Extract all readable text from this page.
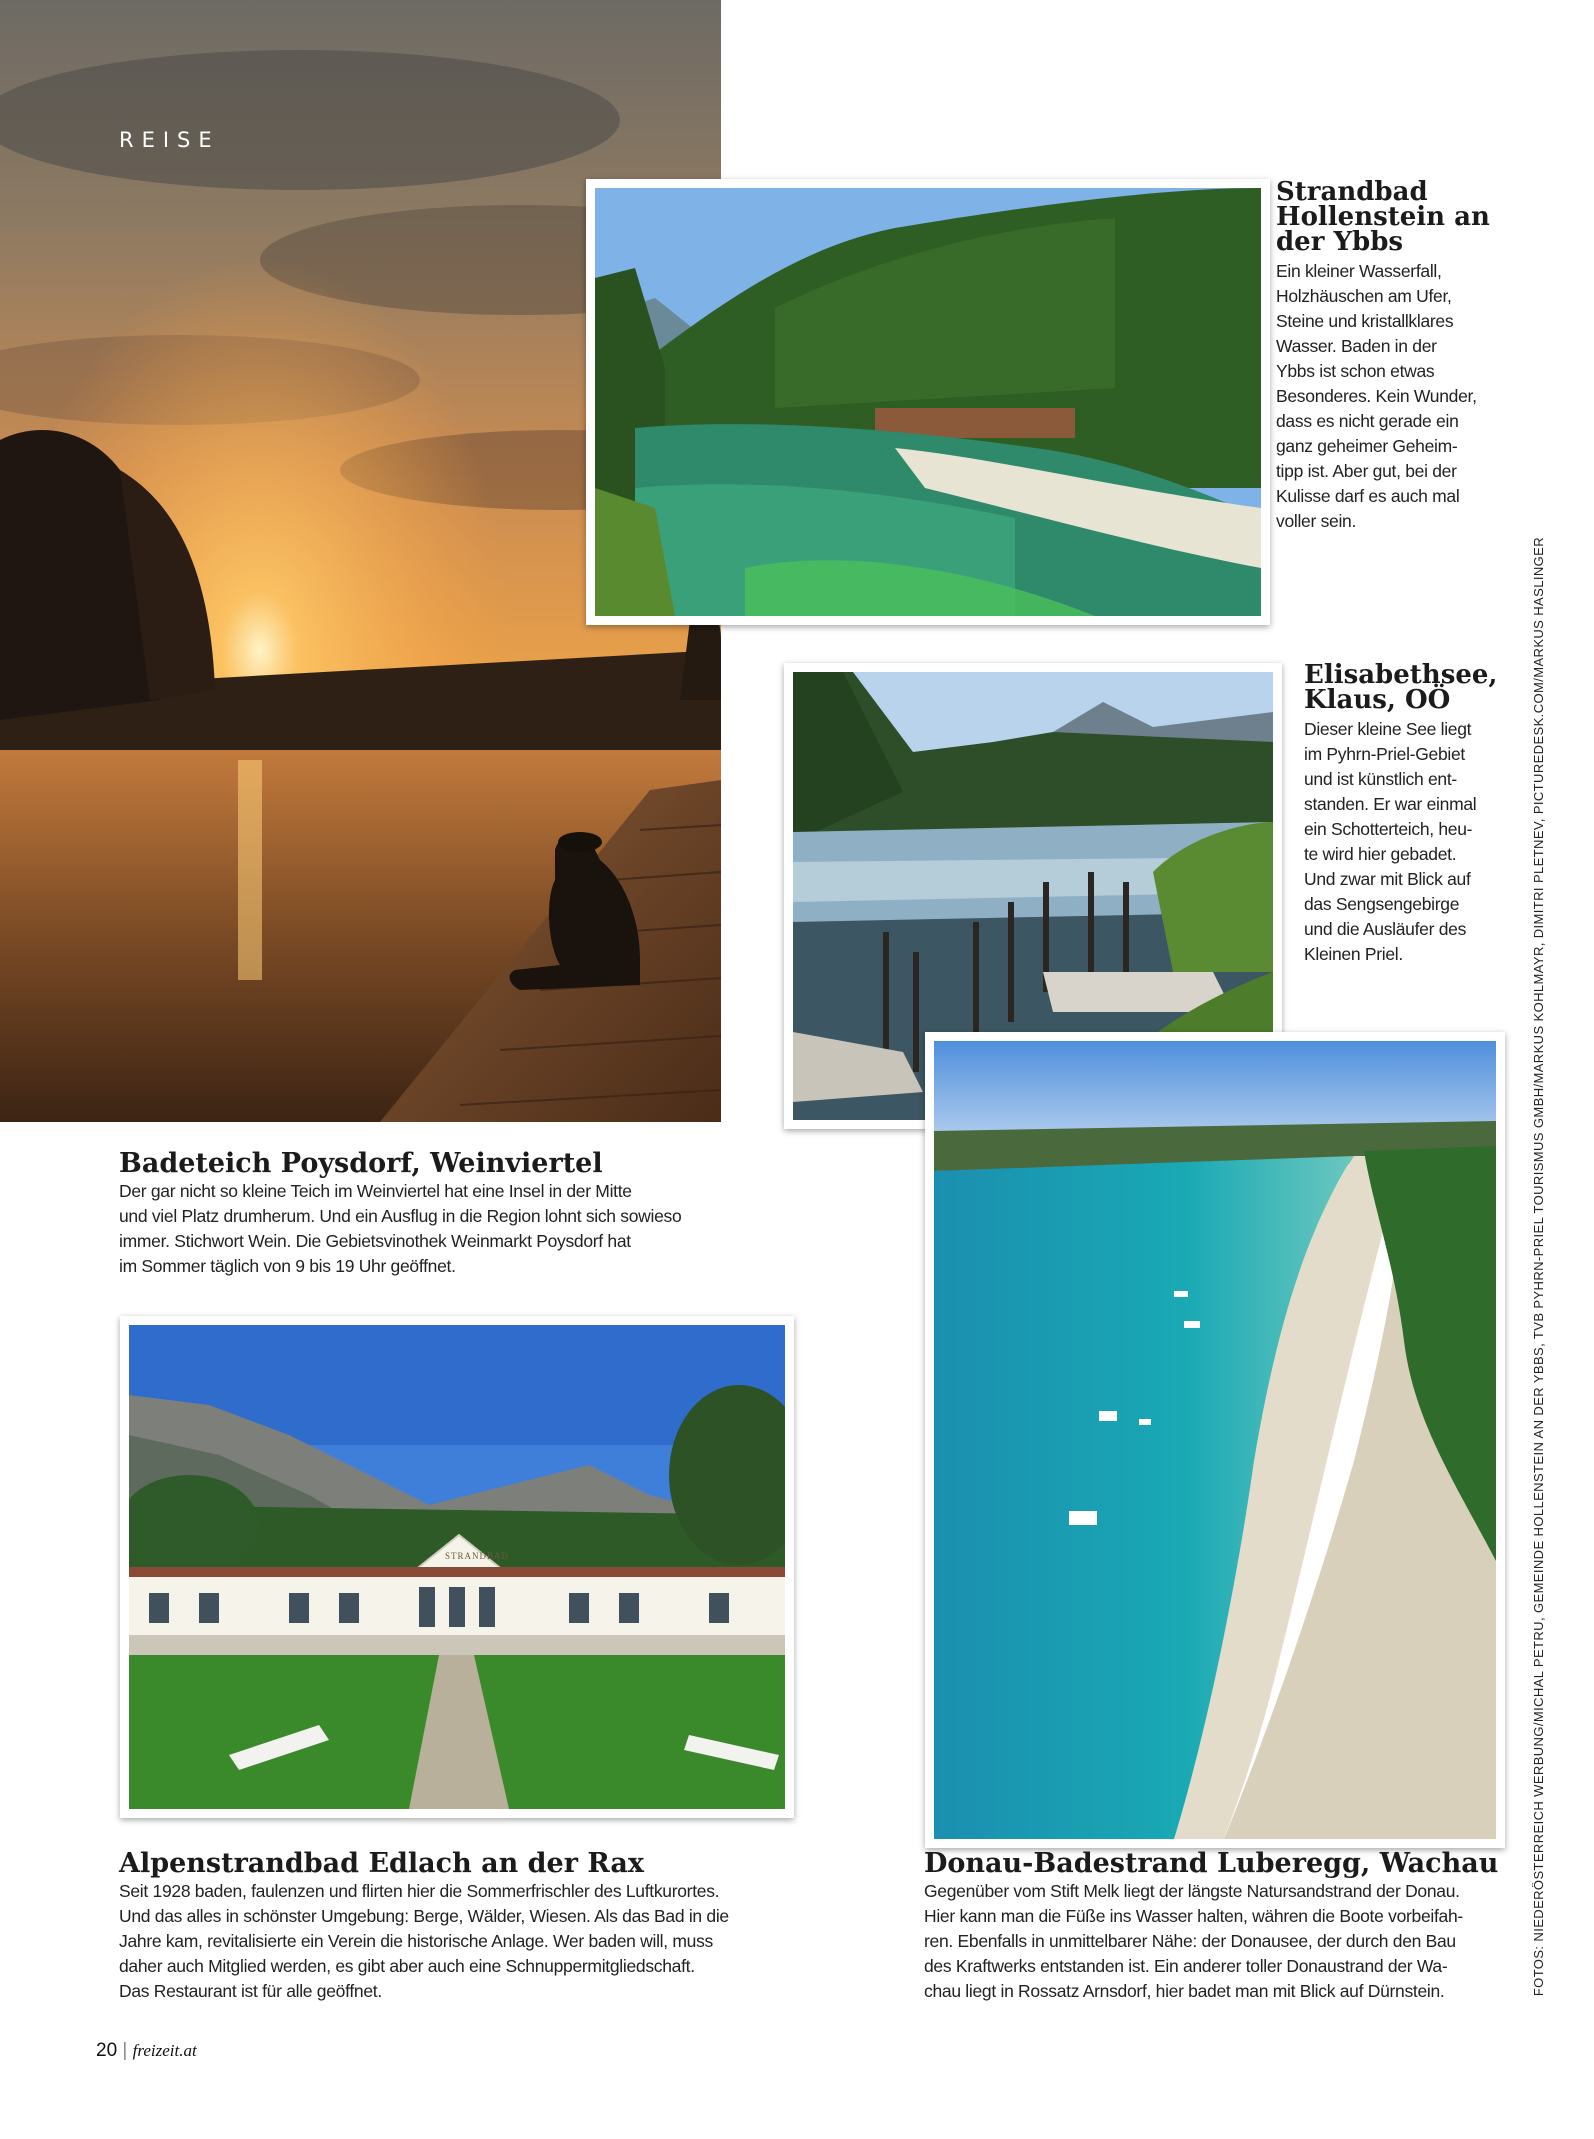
REISE
Strandbad
Hollenstein an
der Ybbs

Ein kleiner Wasserfall,
Holzhäuschen am Ufer,
Steine und kristallklares
Wasser. Baden in der
Ybbs ist schon etwas
Besonderes. Kein Wunder,
dass es nicht gerade ein
ganz geheimer Geheim-
tipp ist. Aber gut, bei der
Kulisse darf es auch mal
voller sein.

Elisabethsee,
Klaus, OÖ

Dieser kleine See liegt
im Pyhrn-Priel-Gebiet
und ist künstlich ent-
standen. Er war einmal
ein Schotterteich, heu-
te wird hier gebadet.
Und zwar mit Blick auf
das Sengsengebirge
und die Ausläufer des
Kleinen Priel.

Badeteich Poysdorf, Weinviertel

Der gar nicht so kleine Teich im Weinviertel hat eine Insel in der Mitte
und viel Platz drumherum. Und ein Ausflug in die Region lohnt sich sowieso
immer. Stichwort Wein. Die Gebietsvinothek Weinmarkt Poysdorf hat
im Sommer täglich von 9 bis 19 Uhr geöffnet.

STRANDBAD
Alpenstrandbad Edlach an der Rax

Seit 1928 baden, faulenzen und flirten hier die Sommerfrischler des Luftkurortes.
Und das alles in schönster Umgebung: Berge, Wälder, Wiesen. Als das Bad in die
Jahre kam, revitalisierte ein Verein die historische Anlage. Wer baden will, muss
daher auch Mitglied werden, es gibt aber auch eine Schnuppermitgliedschaft.
Das Restaurant ist für alle geöffnet.

Donau-Badestrand Luberegg, Wachau

Gegenüber vom Stift Melk liegt der längste Natursandstrand der Donau.
Hier kann man die Füße ins Wasser halten, währen die Boote vorbeifah-
ren. Ebenfalls in unmittelbarer Nähe: der Donausee, der durch den Bau
des Kraftwerks entstanden ist. Ein anderer toller Donaustrand der Wa-
chau liegt in Rossatz Arnsdorf, hier badet man mit Blick auf Dürnstein.	FOTOS: NIEDERÖSTERREICH WERBUNG/MICHAL PETRU, GEMEINDE HOLLENSTEIN AN DER YBBS, TVB PYHRN-PRIEL TOURISMUS GMBH/MARKUS KOHLMAYR, DIMITRI PLETNEV, PICTUREDESK.COM/MARKUS HASLINGER
20 | freizeit.at
